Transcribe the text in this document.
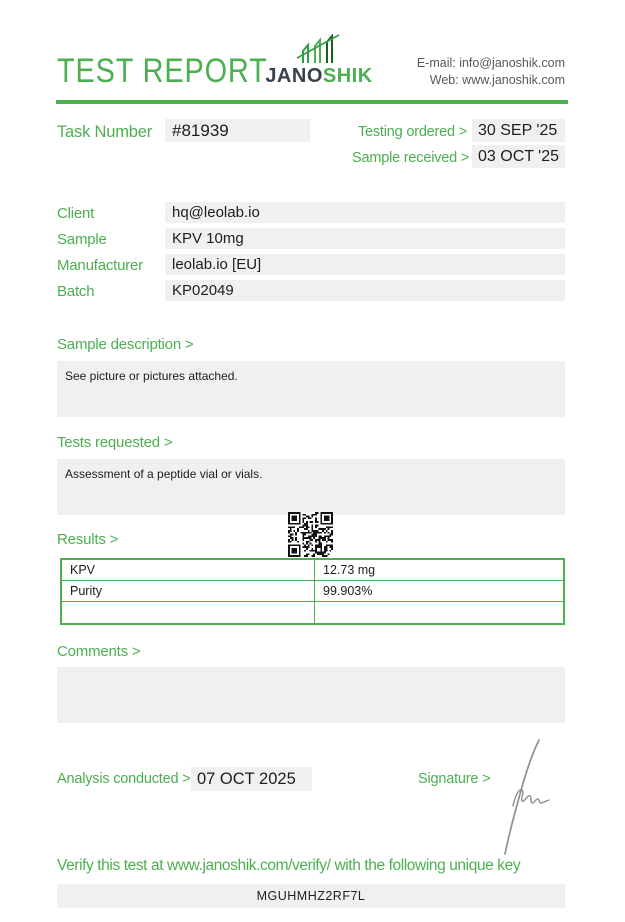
TEST REPORT
JANOSHIK
E-mail: info@janoshik.com
Web: www.janoshik.com
Task Number	#81939	Testing ordered > 30 SEP '25
Sample received > 03 OCT '25
Client	hq@leolab.io
Sample	KPV 10mg
Manufacturer	leolab.io [EU]
Batch	KP02049
Sample description >
See picture or pictures attached.
Tests requested >
Assessment of a peptide vial or vials.
Results >
KPV	12.73 mg
Purity	99.903%
Comments >
Analysis conducted > 07 OCT 2025	Signature >
Verify this test at www.janoshik.com/verify/ with the following unique key
MGUHMHZ2RF7L
